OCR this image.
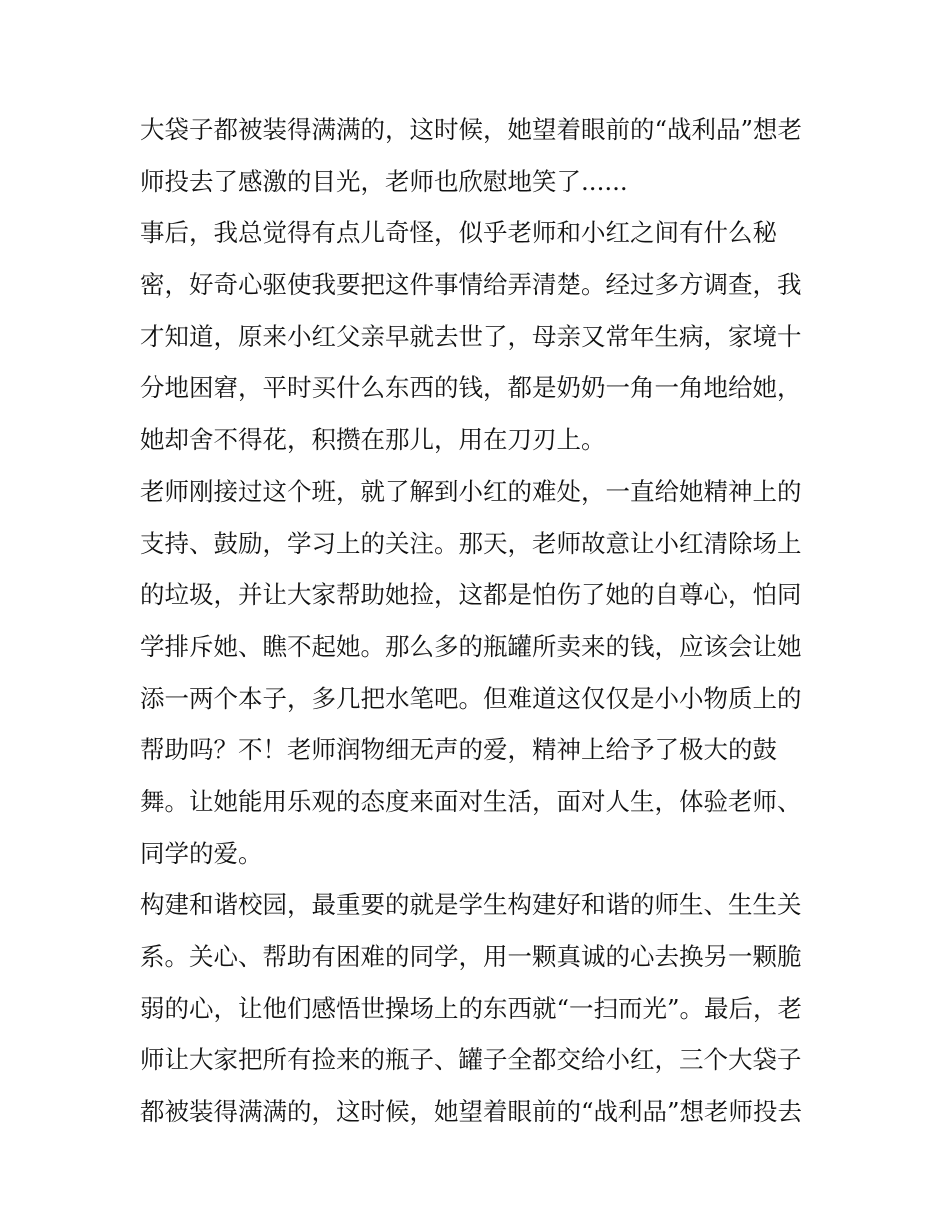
大袋子都被装得满满的，这时候，她望着眼前的“战利品”想老
师投去了感激的目光，老师也欣慰地笑了......
事后，我总觉得有点儿奇怪，似乎老师和小红之间有什么秘
密，好奇心驱使我要把这件事情给弄清楚。经过多方调查，我
才知道，原来小红父亲早就去世了，母亲又常年生病，家境十
分地困窘，平时买什么东西的钱，都是奶奶一角一角地给她，
她却舍不得花，积攒在那儿，用在刀刃上。
老师刚接过这个班，就了解到小红的难处，一直给她精神上的
支持、鼓励，学习上的关注。那天，老师故意让小红清除场上
的垃圾，并让大家帮助她捡，这都是怕伤了她的自尊心，怕同
学排斥她、瞧不起她。那么多的瓶罐所卖来的钱，应该会让她
添一两个本子，多几把水笔吧。但难道这仅仅是小小物质上的
帮助吗？不！老师润物细无声的爱，精神上给予了极大的鼓
舞。让她能用乐观的态度来面对生活，面对人生，体验老师、
同学的爱。
构建和谐校园，最重要的就是学生构建好和谐的师生、生生关
系。关心、帮助有困难的同学，用一颗真诚的心去换另一颗脆
弱的心，让他们感悟世操场上的东西就“一扫而光”。最后，老
师让大家把所有捡来的瓶子、罐子全都交给小红，三个大袋子
都被装得满满的，这时候，她望着眼前的“战利品”想老师投去
